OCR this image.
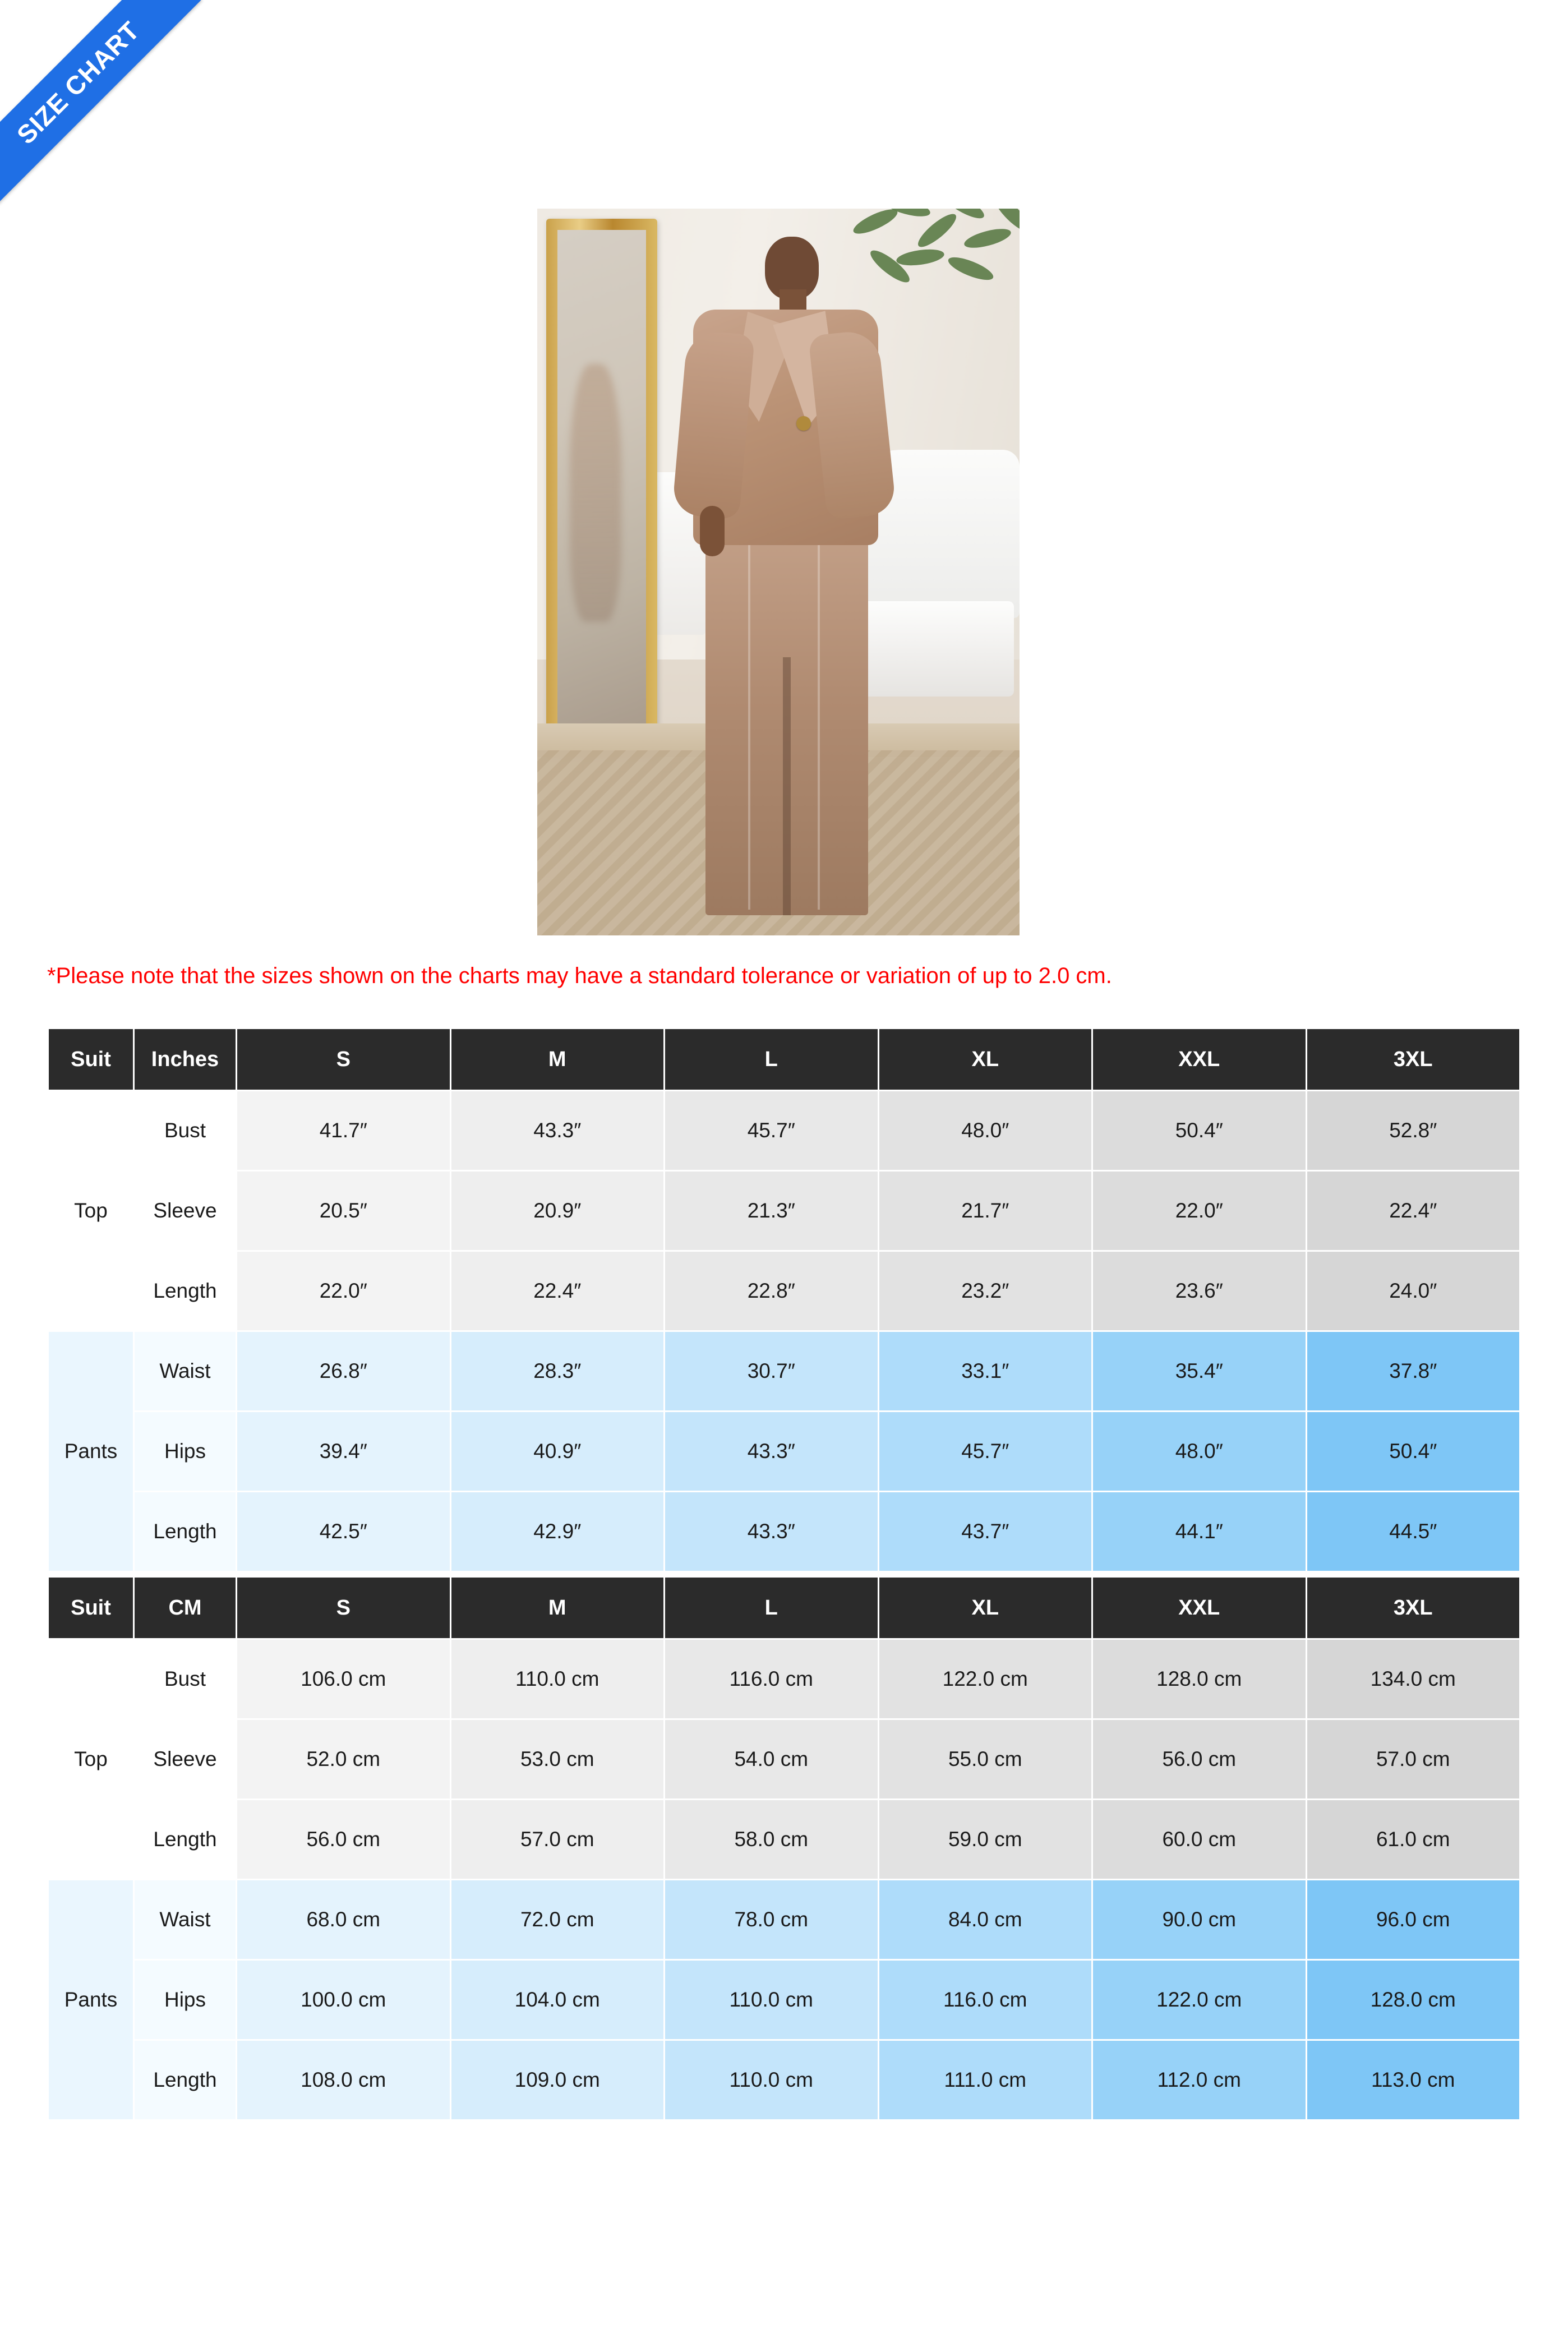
SIZE CHART
*Please note that the sizes shown on the charts may have a standard tolerance or variation of up to 2.0 cm.
Suit	Inches	S	M	L	XL	XXL	3XL
Top	Bust	41.7″	43.3″	45.7″	48.0″	50.4″	52.8″
	Sleeve	20.5″	20.9″	21.3″	21.7″	22.0″	22.4″
	Length	22.0″	22.4″	22.8″	23.2″	23.6″	24.0″
Pants	Waist	26.8″	28.3″	30.7″	33.1″	35.4″	37.8″
	Hips	39.4″	40.9″	43.3″	45.7″	48.0″	50.4″
	Length	42.5″	42.9″	43.3″	43.7″	44.1″	44.5″
Suit	CM	S	M	L	XL	XXL	3XL
Top	Bust	106.0 cm	110.0 cm	116.0 cm	122.0 cm	128.0 cm	134.0 cm
	Sleeve	52.0 cm	53.0 cm	54.0 cm	55.0 cm	56.0 cm	57.0 cm
	Length	56.0 cm	57.0 cm	58.0 cm	59.0 cm	60.0 cm	61.0 cm
Pants	Waist	68.0 cm	72.0 cm	78.0 cm	84.0 cm	90.0 cm	96.0 cm
	Hips	100.0 cm	104.0 cm	110.0 cm	116.0 cm	122.0 cm	128.0 cm
	Length	108.0 cm	109.0 cm	110.0 cm	111.0 cm	112.0 cm	113.0 cm
